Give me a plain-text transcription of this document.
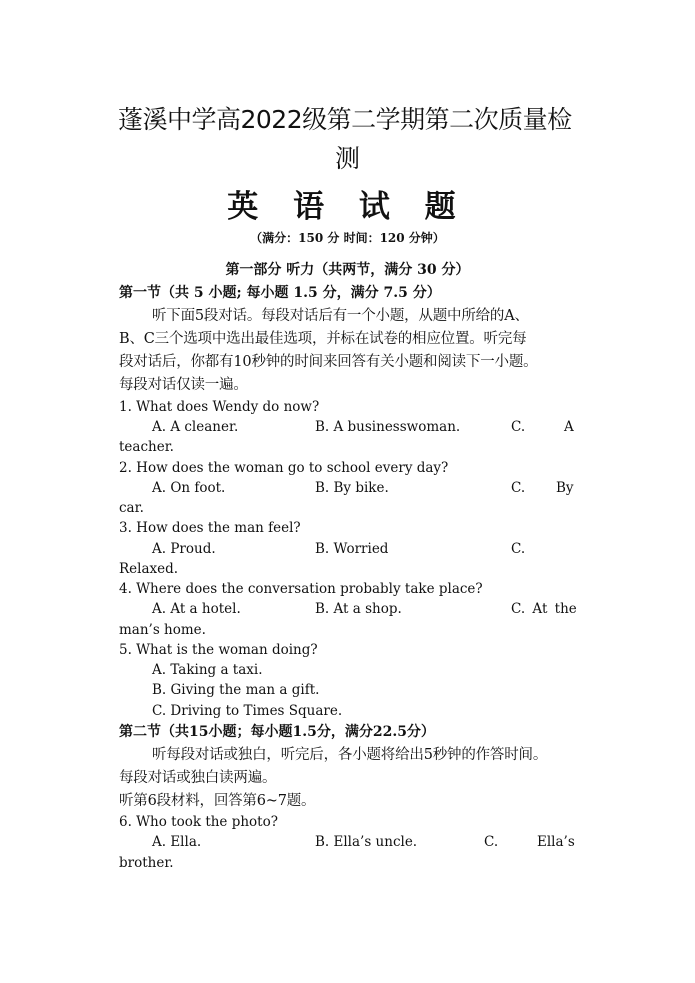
蓬溪中学高2022级第二学期第二次质量检
测
英 语 试 题
（满分：150 分 时间：120 分钟）
第一部分 听力（共两节，满分 30 分）
第一节（共 5 小题; 每小题 1.5 分，满分 7.5 分）
听下面5段对话。每段对话后有一个小题，从题中所给的A、
B、C三个选项中选出最佳选项，并标在试卷的相应位置。听完每
段对话后，你都有10秒钟的时间来回答有关小题和阅读下一小题。
每段对话仅读一遍。
1. What does Wendy do now?
A. A cleaner.	B. A businesswoman.	C.	A
teacher.
2. How does the woman go to school every day?
A. On foot.	B. By bike.	C. By
car.
3. How does the man feel?
A. Proud.	B. Worried	C.
Relaxed.
4. Where does the conversation probably take place?
A. At a hotel.	B. At a shop.	C. At the
man’s home.
5. What is the woman doing?
A. Taking a taxi.
B. Giving the man a gift.
C. Driving to Times Square.
第二节（共15小题；每小题1.5分，满分22.5分）
听每段对话或独白，听完后，各小题将给出5秒钟的作答时间。
每段对话或独白读两遍。
听第6段材料，回答第6~7题。
6. Who took the photo?
A. Ella.	B. Ella’s uncle.	C.	Ella’s
brother.
